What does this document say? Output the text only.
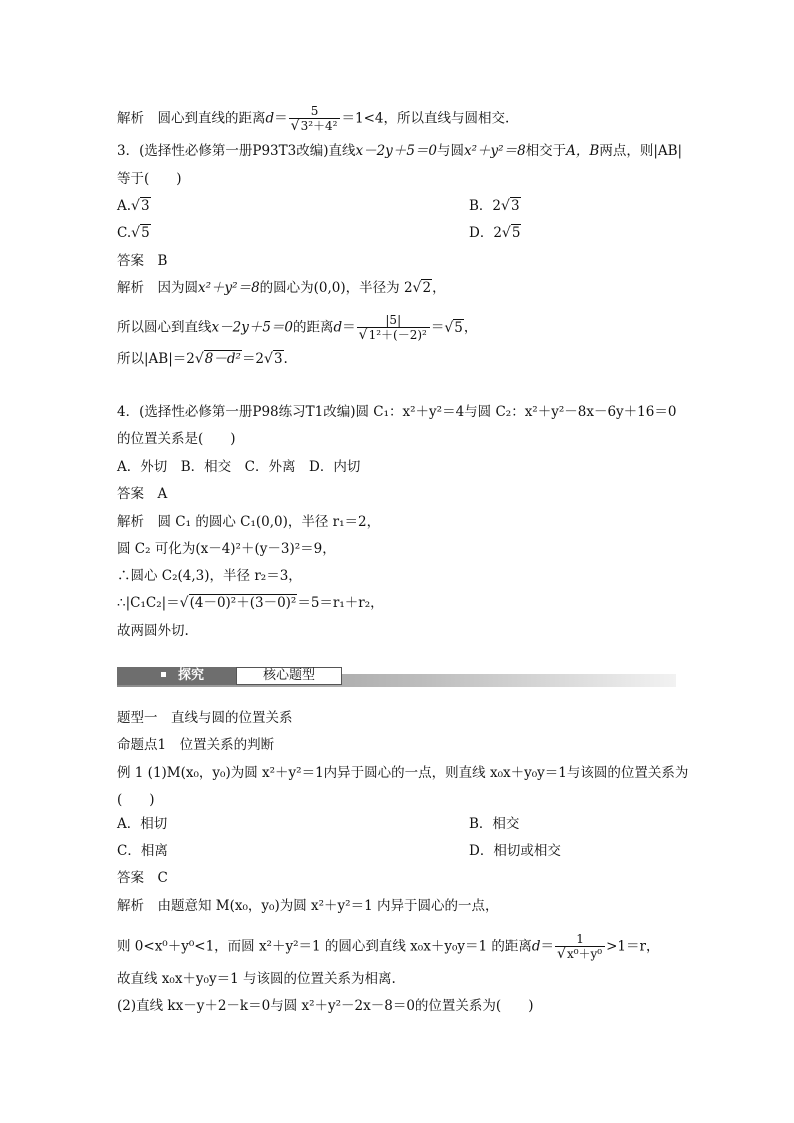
解析　 圆心到直线的距离$d= \frac{5}{\text{√3²＋4²}} =1<4$，所以直线与圆相交.
3．(选择性必修第一册P93T3改编)直线x－2y＋5＝0与圆x²＋y²＝8相交于A，B两点，则|AB|
等于(　　)
A.√3	B．2√3
C.√5	D．2√5
答案　B
解析　因为圆x²＋y²＝8的圆心为(0,0)，半径为 2√2，
所以圆心到直线x－2y＋5＝0的距离$d= \frac{|5|}{\text{√1²＋(－2)²}} =√5$，
所以|AB|＝2√8－d²＝2√3.
4．(选择性必修第一册P98练习T1改编)圆 C₁：x²＋y²＝4与圆 C₂：x²＋y²－8x－6y＋16＝0
的位置关系是(　　)
A．外切　B．相交　C．外离　D．内切
答案　A
解析　圆 C₁ 的圆心 C₁(0,0)，半径 r₁＝2，
圆 C₂ 可化为(x－4)²＋(y－3)²＝9，
∴圆心 C₂(4,3)，半径 r₂＝3，
∴|C₁C₂|＝√(4－0)²＋(3－0)²＝5＝r₁＋r₂，
故两圆外切.
探究	核心题型
题型一　直线与圆的位置关系
命题点1　位置关系的判断
例 1 (1)M(x₀，y₀)为圆 x²＋y²＝1内异于圆心的一点，则直线 x₀x＋y₀y＝1与该圆的位置关系为
(　　)
A．相切	B．相交
C．相离	D．相切或相交
答案　C
解析　由题意知 M(x₀，y₀)为圆 x²＋y²＝1 内异于圆心的一点，
则 0<x⁰＋y⁰<1，而圆 x²＋y²＝1 的圆心到直线 x₀x＋y₀y＝1 的距离$d= \frac{1}{\text{√x⁰＋y⁰}} >1=r$，
故直线 x₀x＋y₀y＝1 与该圆的位置关系为相离.
(2)直线 kx－y＋2－k＝0与圆 x²＋y²－2x－8＝0的位置关系为(　　)
